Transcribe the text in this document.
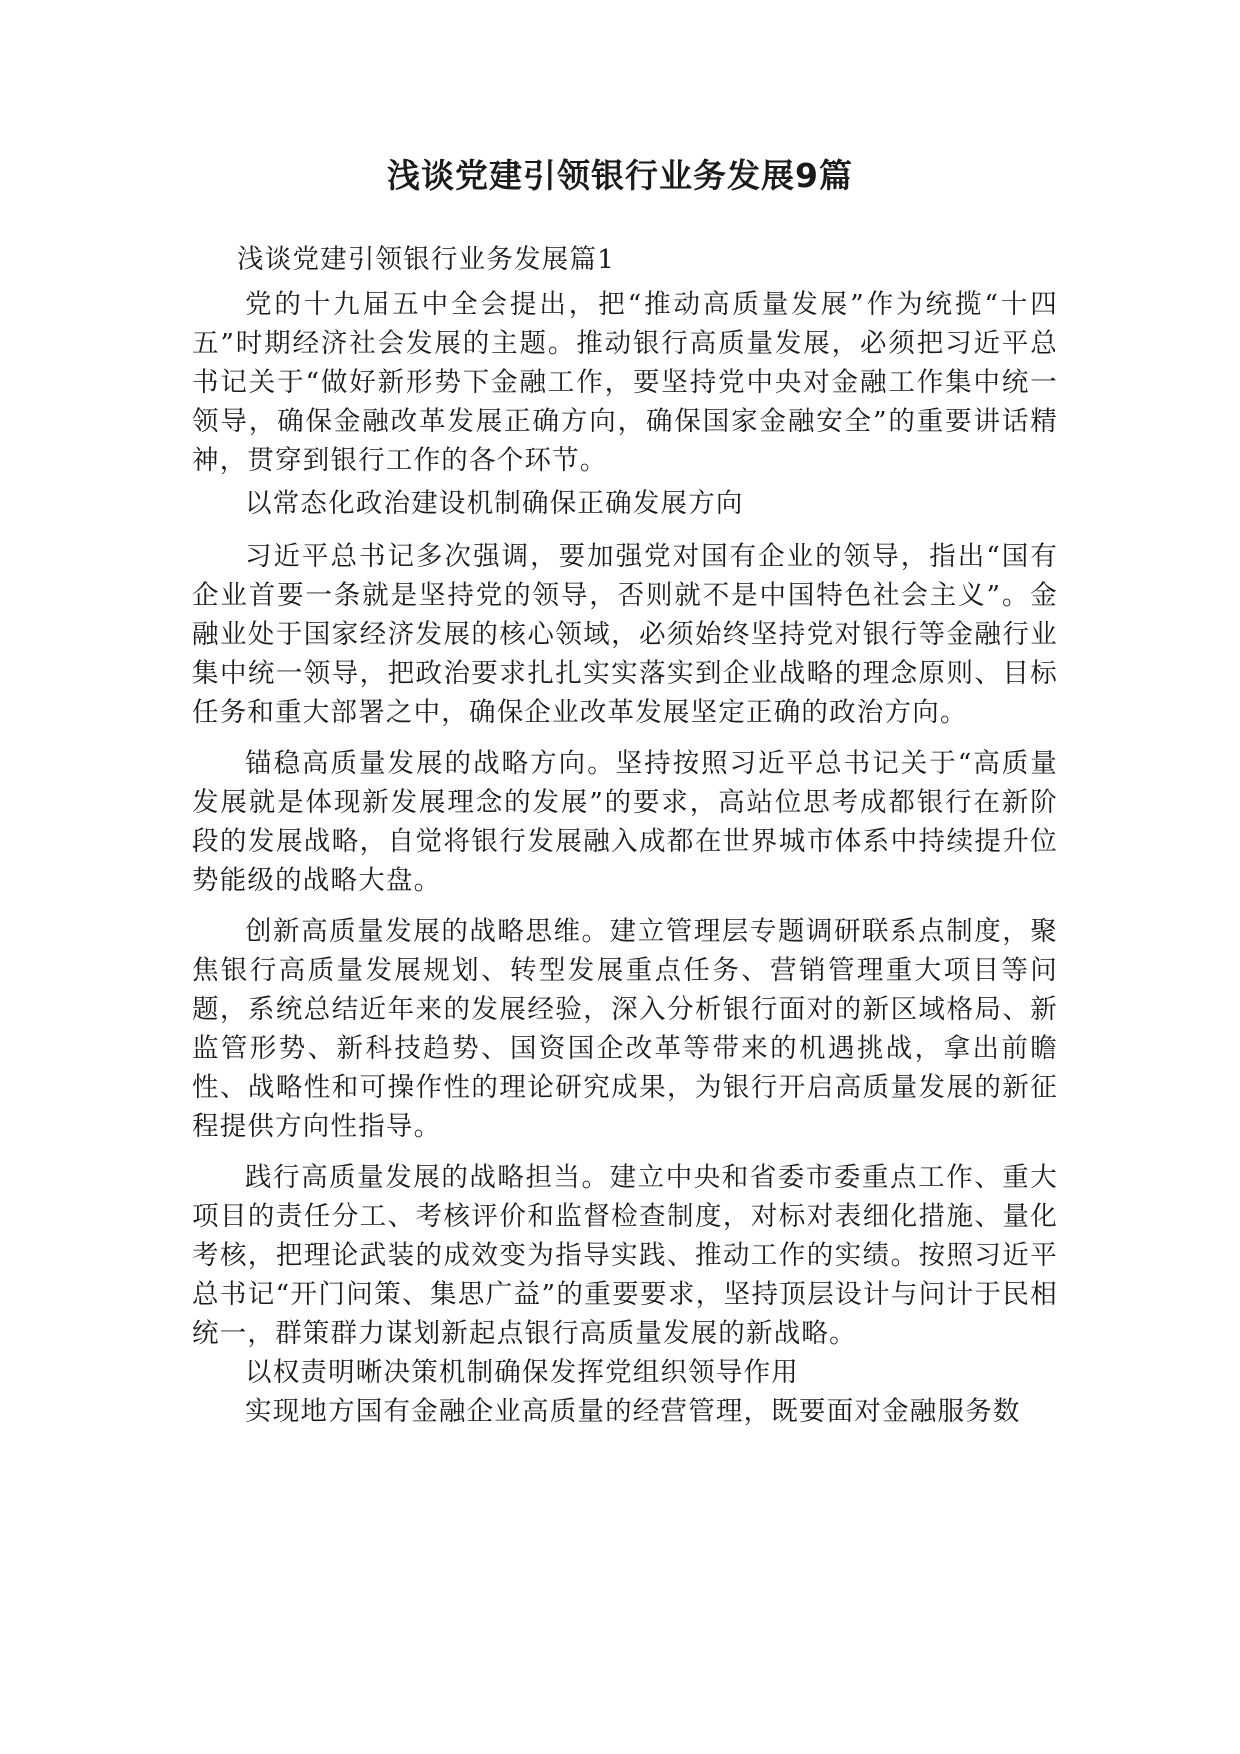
浅谈党建引领银行业务发展9篇

浅谈党建引领银行业务发展篇1

党的十九届五中全会提出，把“推动高质量发展”作为统揽“十四五”时期经济社会发展的主题。推动银行高质量发展，必须把习近平总书记关于“做好新形势下金融工作，要坚持党中央对金融工作集中统一领导，确保金融改革发展正确方向，确保国家金融安全”的重要讲话精神，贯穿到银行工作的各个环节。

以常态化政治建设机制确保正确发展方向

习近平总书记多次强调，要加强党对国有企业的领导，指出“国有企业首要一条就是坚持党的领导，否则就不是中国特色社会主义”。金融业处于国家经济发展的核心领域，必须始终坚持党对银行等金融行业集中统一领导，把政治要求扎扎实实落实到企业战略的理念原则、目标任务和重大部署之中，确保企业改革发展坚定正确的政治方向。

锚稳高质量发展的战略方向。坚持按照习近平总书记关于“高质量发展就是体现新发展理念的发展”的要求，高站位思考成都银行在新阶段的发展战略，自觉将银行发展融入成都在世界城市体系中持续提升位势能级的战略大盘。

创新高质量发展的战略思维。建立管理层专题调研联系点制度，聚焦银行高质量发展规划、转型发展重点任务、营销管理重大项目等问题，系统总结近年来的发展经验，深入分析银行面对的新区域格局、新监管形势、新科技趋势、国资国企改革等带来的机遇挑战，拿出前瞻性、战略性和可操作性的理论研究成果，为银行开启高质量发展的新征程提供方向性指导。

践行高质量发展的战略担当。建立中央和省委市委重点工作、重大项目的责任分工、考核评价和监督检查制度，对标对表细化措施、量化考核，把理论武装的成效变为指导实践、推动工作的实绩。按照习近平总书记“开门问策、集思广益”的重要要求，坚持顶层设计与问计于民相统一，群策群力谋划新起点银行高质量发展的新战略。

以权责明晰决策机制确保发挥党组织领导作用

实现地方国有金融企业高质量的经营管理，既要面对金融服务数
